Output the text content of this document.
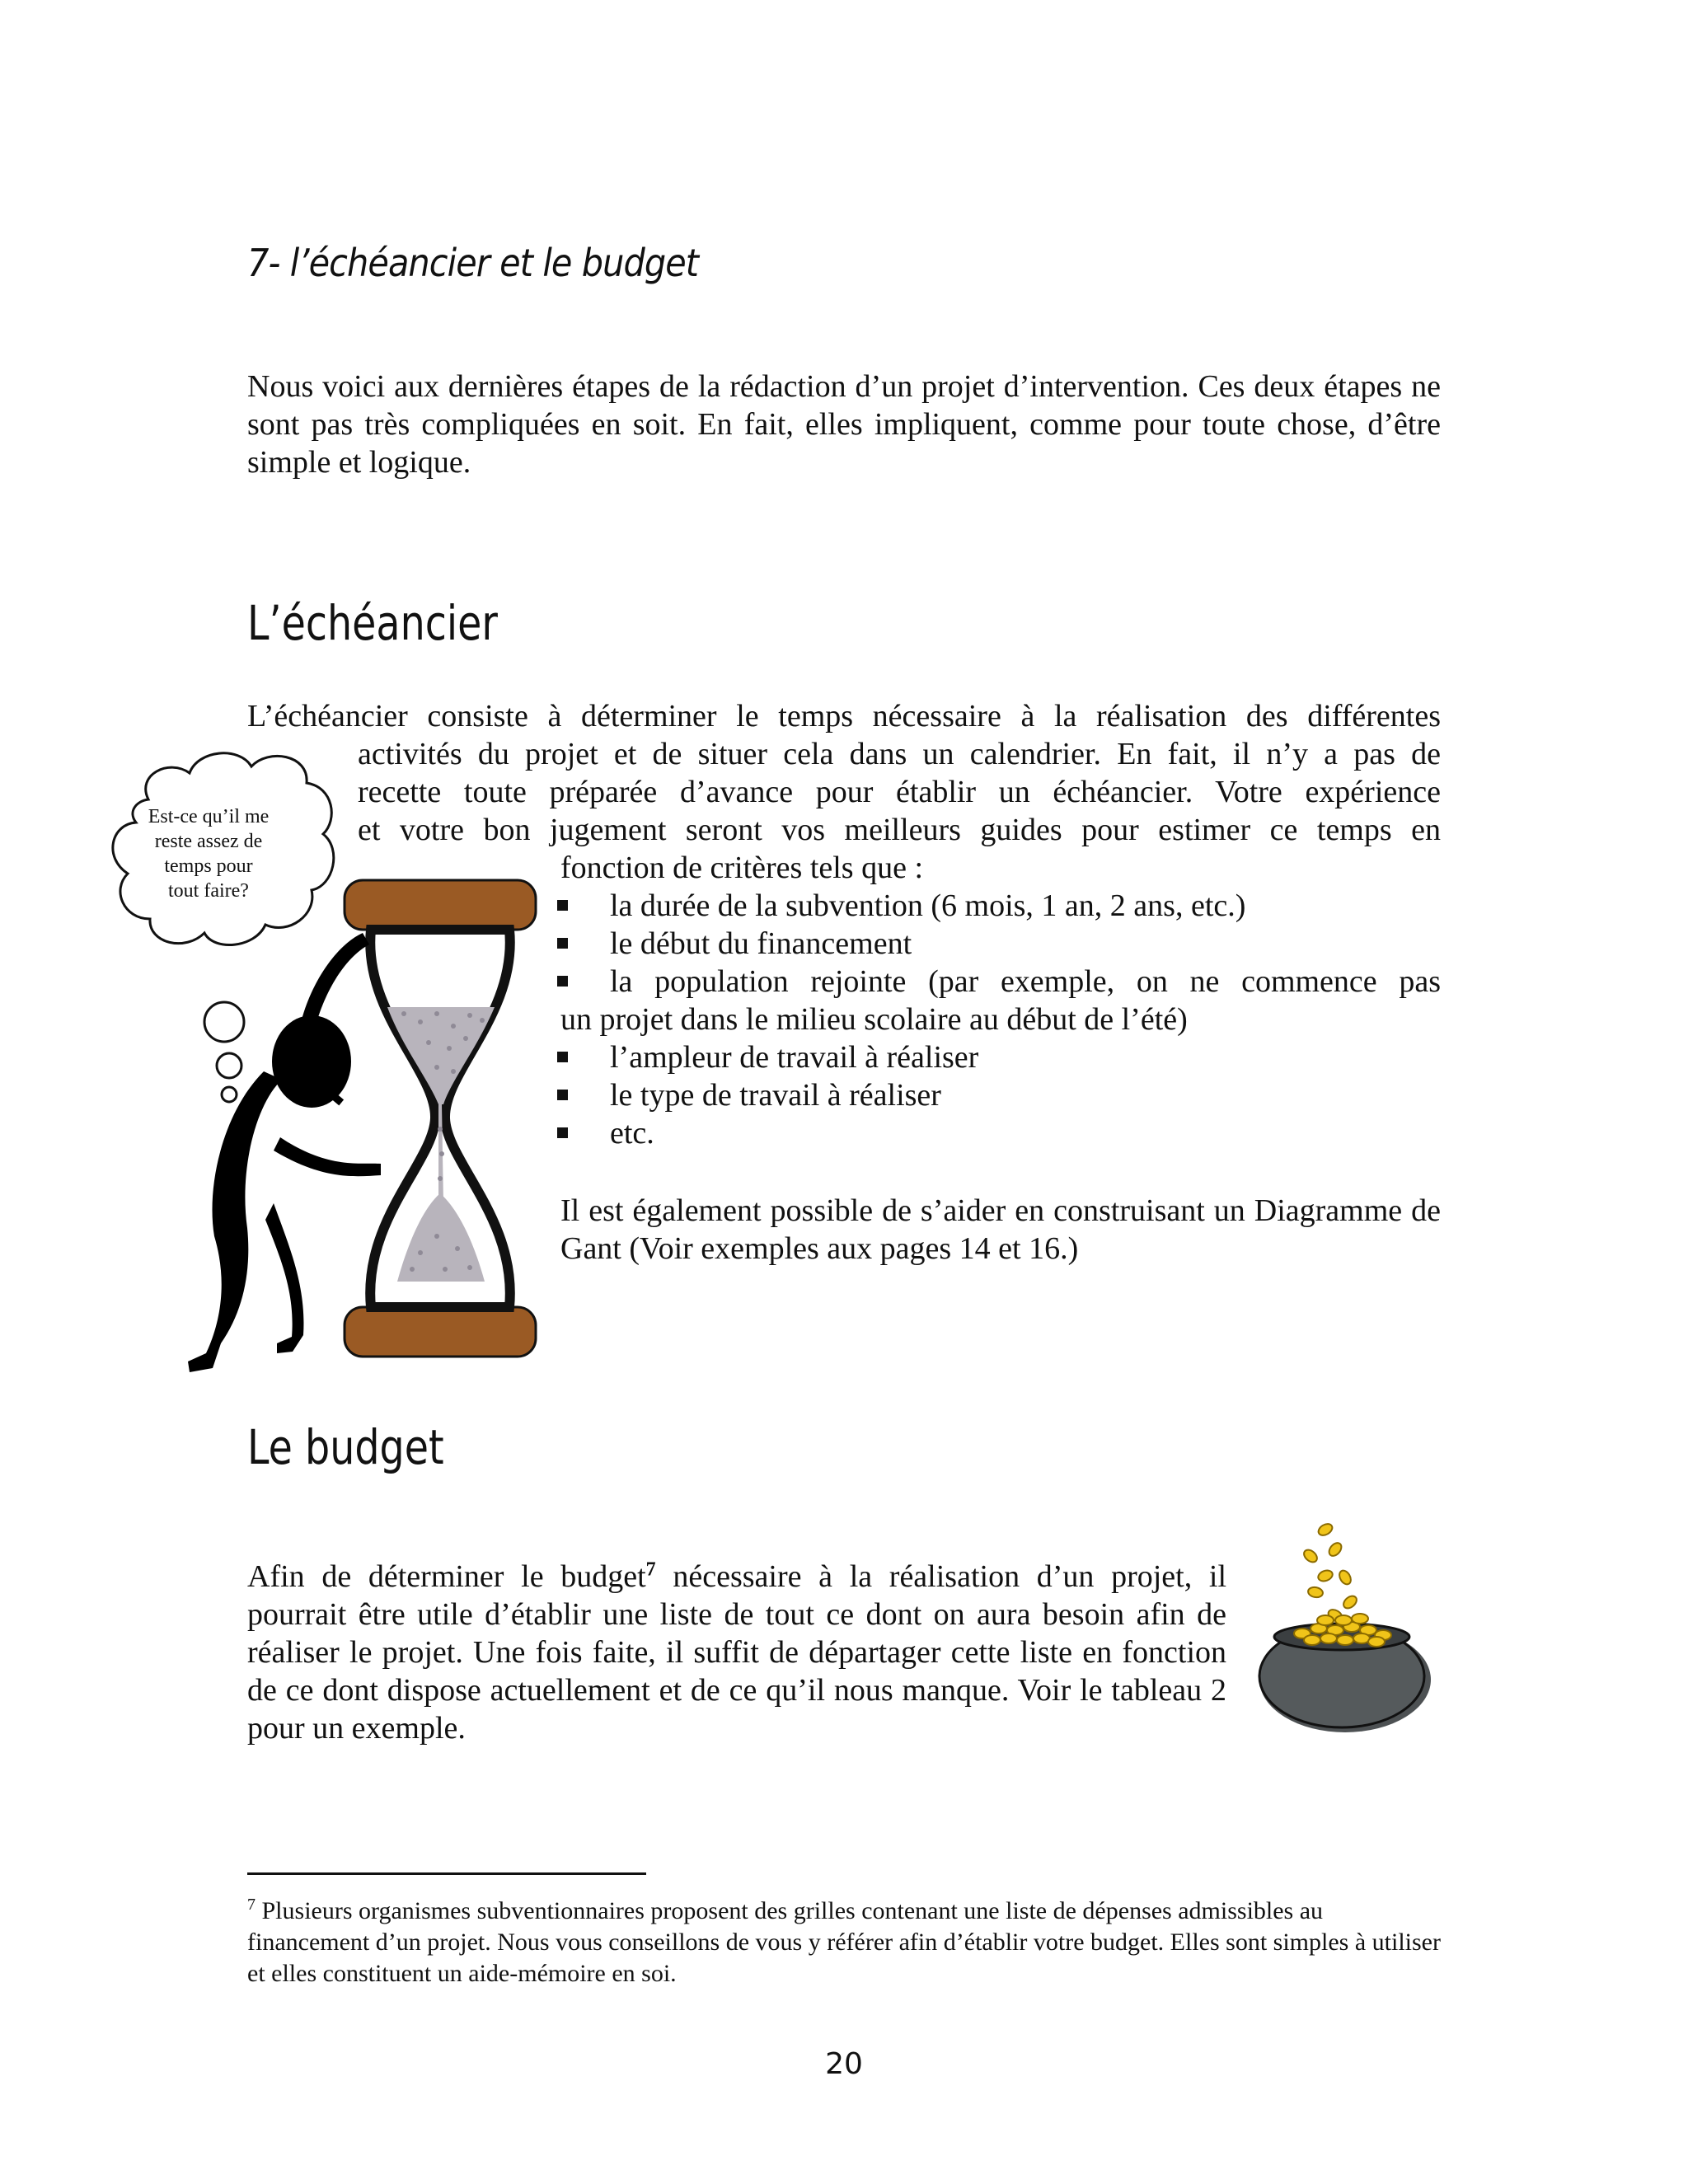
7- l’échéancier et le budget

Nous voici aux dernières étapes de la rédaction d’un projet d’intervention. Ces deux étapes ne sont pas très compliquées en soit. En fait, elles impliquent, comme pour toute chose, d’être simple et logique.

L’échéancier

L’échéancier consiste à déterminer le temps nécessaire à la réalisation des différentes

activités du projet et de situer cela dans un calendrier. En fait, il n’y a pas de

recette toute préparée d’avance pour établir un échéancier. Votre expérience

et votre bon jugement seront vos meilleurs guides pour estimer ce temps en

fonction de critères tels que :

la durée de la subvention (6 mois, 1 an, 2 ans, etc.)
le début du financement
la population rejointe (par exemple, on ne commence pas
un projet dans le milieu scolaire au début de l’été)
l’ampleur de travail à réaliser
le type de travail à réaliser
etc.

Il est également possible de s’aider en construisant un Diagramme de Gant (Voir exemples aux pages 14 et 16.)

Est-ce qu’il me reste assez de temps pour tout faire?
Le budget

Afin de déterminer le budget$^7$ nécessaire à la réalisation d’un projet, il pourrait être utile d’établir une liste de tout ce dont on aura besoin afin de réaliser le projet. Une fois faite, il suffit de départager cette liste en fonction de ce dont dispose actuellement et de ce qu’il nous manque. Voir le tableau 2 pour un exemple.

$^7$ Plusieurs organismes subventionnaires proposent des grilles contenant une liste de dépenses admissibles au financement d’un projet. Nous vous conseillons de vous y référer afin d’établir votre budget. Elles sont simples à utiliser et elles constituent un aide-mémoire en soi.

20
